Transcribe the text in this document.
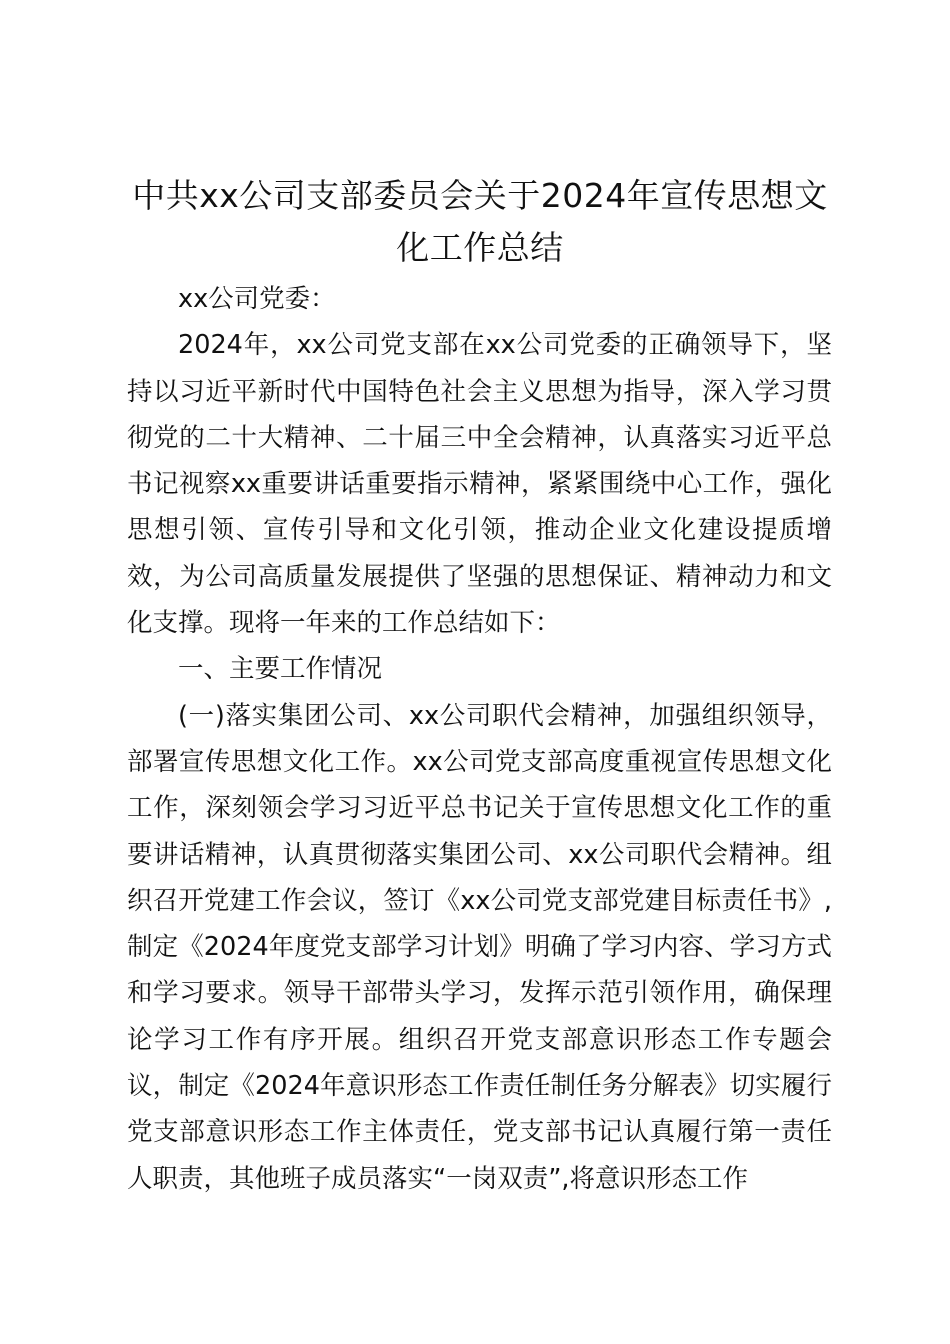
中共xx公司支部委员会关于2024年宣传思想文化工作总结

xx公司党委：

2024年，xx公司党支部在xx公司党委的正确领导下，坚持以习近平新时代中国特色社会主义思想为指导，深入学习贯彻党的二十大精神、二十届三中全会精神，认真落实习近平总书记视察xx重要讲话重要指示精神，紧紧围绕中心工作，强化思想引领、宣传引导和文化引领，推动企业文化建设提质增效，为公司高质量发展提供了坚强的思想保证、精神动力和文化支撑。现将一年来的工作总结如下：

一、主要工作情况

(一)落实集团公司、xx公司职代会精神，加强组织领导，部署宣传思想文化工作。xx公司党支部高度重视宣传思想文化工作，深刻领会学习习近平总书记关于宣传思想文化工作的重要讲话精神，认真贯彻落实集团公司、xx公司职代会精神。组织召开党建工作会议，签订《xx公司党支部党建目标责任书》,制定《2024年度党支部学习计划》明确了学习内容、学习方式和学习要求。领导干部带头学习，发挥示范引领作用，确保理论学习工作有序开展。组织召开党支部意识形态工作专题会议，制定《2024年意识形态工作责任制任务分解表》切实履行党支部意识形态工作主体责任，党支部书记认真履行第一责任人职责，其他班子成员落实“一岗双责”,将意识形态工作
